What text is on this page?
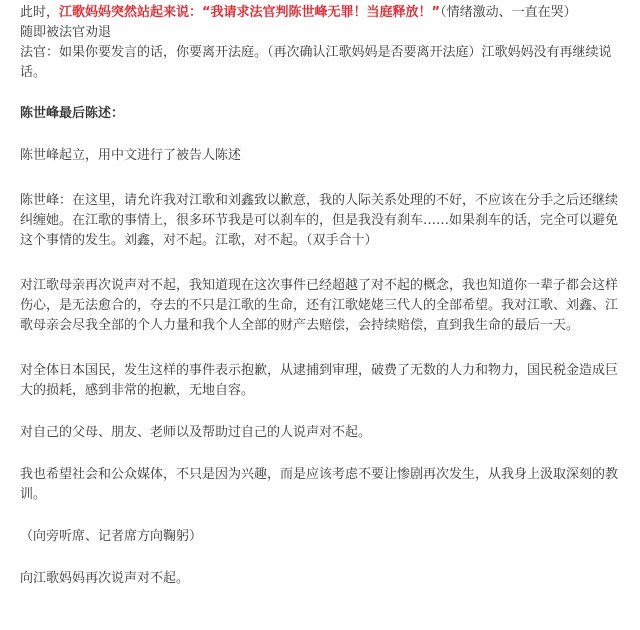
此时，江歌妈妈突然站起来说：“我请求法官判陈世峰无罪！当庭释放！”（情绪激动、一直在哭）

随即被法官劝退

法官：如果你要发言的话，你要离开法庭。（再次确认江歌妈妈是否要离开法庭）江歌妈妈没有再继续说话。

陈世峰最后陈述：

陈世峰起立，用中文进行了被告人陈述

陈世峰：在这里，请允许我对江歌和刘鑫致以歉意，我的人际关系处理的不好，不应该在分手之后还继续纠缠她。在江歌的事情上，很多环节我是可以刹车的，但是我没有刹车……如果刹车的话，完全可以避免这个事情的发生。刘鑫，对不起。江歌，对不起。（双手合十）

对江歌母亲再次说声对不起，我知道现在这次事件已经超越了对不起的概念，我也知道你一辈子都会这样伤心，是无法愈合的，夺去的不只是江歌的生命，还有江歌姥姥三代人的全部希望。我对江歌、刘鑫、江歌母亲会尽我全部的个人力量和我个人全部的财产去赔偿，会持续赔偿，直到我生命的最后一天。

对全体日本国民，发生这样的事件表示抱歉，从逮捕到审理，破费了无数的人力和物力，国民税金造成巨大的损耗，感到非常的抱歉，无地自容。

对自己的父母、朋友、老师以及帮助过自己的人说声对不起。

我也希望社会和公众媒体，不只是因为兴趣，而是应该考虑不要让惨剧再次发生，从我身上汲取深刻的教训。

（向旁听席、记者席方向鞠躬）

向江歌妈妈再次说声对不起。
